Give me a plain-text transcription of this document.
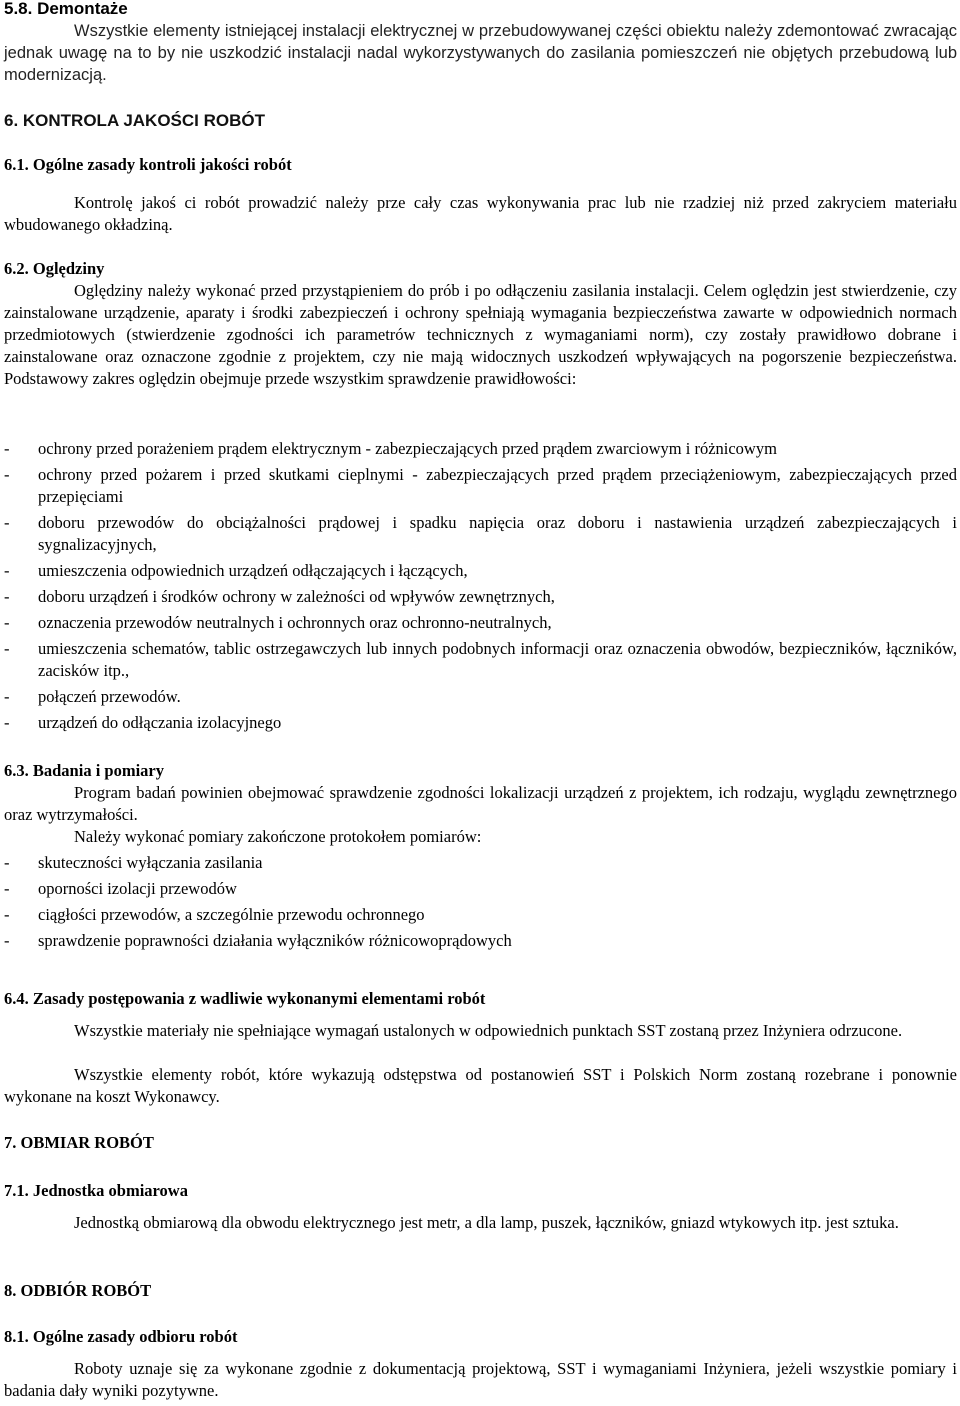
5.8. Demontaże
Wszystkie elementy istniejącej instalacji elektrycznej w przebudowywanej części obiektu należy zdemontować zwracając jednak uwagę na to by nie uszkodzić instalacji nadal wykorzystywanych do zasilania pomieszczeń nie objętych przebudową lub modernizacją.
6. KONTROLA JAKOŚCI ROBÓT
6.1. Ogólne zasady kontroli jakości robót
Kontrolę jakoś ci robót prowadzić należy prze cały czas wykonywania prac lub nie rzadziej niż przed zakryciem materiału wbudowanego okładziną.
6.2. Oględziny
Oględziny należy wykonać przed przystąpieniem do prób i po odłączeniu zasilania instalacji. Celem oględzin jest stwierdzenie, czy zainstalowane urządzenie, aparaty i środki zabezpieczeń i ochrony spełniają wymagania bezpieczeństwa zawarte w odpowiednich normach przedmiotowych (stwierdzenie zgodności ich parametrów technicznych z wymaganiami norm), czy zostały prawidłowo dobrane i zainstalowane oraz oznaczone zgodnie z projektem, czy nie mają widocznych uszkodzeń wpływających na pogorszenie bezpieczeństwa. Podstawowy zakres oględzin obejmuje przede wszystkim sprawdzenie prawidłowości:
- ochrony przed porażeniem prądem elektrycznym - zabezpieczających przed prądem zwarciowym i różnicowym
- ochrony przed pożarem i przed skutkami cieplnymi - zabezpieczających przed prądem przeciążeniowym, zabezpieczających przed przepięciami
- doboru przewodów do obciążalności prądowej i spadku napięcia oraz doboru i nastawienia urządzeń zabezpieczających i sygnalizacyjnych,
- umieszczenia odpowiednich urządzeń odłączających i łączących,
- doboru urządzeń i środków ochrony w zależności od wpływów zewnętrznych,
- oznaczenia przewodów neutralnych i ochronnych oraz ochronno-neutralnych,
- umieszczenia schematów, tablic ostrzegawczych lub innych podobnych informacji oraz oznaczenia obwodów, bezpieczników, łączników, zacisków itp.,
- połączeń przewodów.
- urządzeń do odłączania izolacyjnego
6.3. Badania i pomiary
Program badań powinien obejmować sprawdzenie zgodności lokalizacji urządzeń z projektem, ich rodzaju, wyglądu zewnętrznego oraz wytrzymałości.
Należy wykonać pomiary zakończone protokołem pomiarów:
- skuteczności wyłączania zasilania
- oporności izolacji przewodów
- ciągłości przewodów, a szczególnie przewodu ochronnego
- sprawdzenie poprawności działania wyłączników różnicowoprądowych
6.4. Zasady postępowania z wadliwie wykonanymi elementami robót
Wszystkie materiały nie spełniające wymagań ustalonych w odpowiednich punktach SST zostaną przez Inżyniera odrzucone.
Wszystkie elementy robót, które wykazują odstępstwa od postanowień SST i Polskich Norm zostaną rozebrane i ponownie wykonane na koszt Wykonawcy.
7. OBMIAR ROBÓT
7.1. Jednostka obmiarowa
Jednostką obmiarową dla obwodu elektrycznego jest metr, a dla lamp, puszek, łączników, gniazd wtykowych itp. jest sztuka.
8. ODBIÓR ROBÓT
8.1. Ogólne zasady odbioru robót
Roboty uznaje się za wykonane zgodnie z dokumentacją projektową, SST i wymaganiami Inżyniera, jeżeli wszystkie pomiary i badania dały wyniki pozytywne.
